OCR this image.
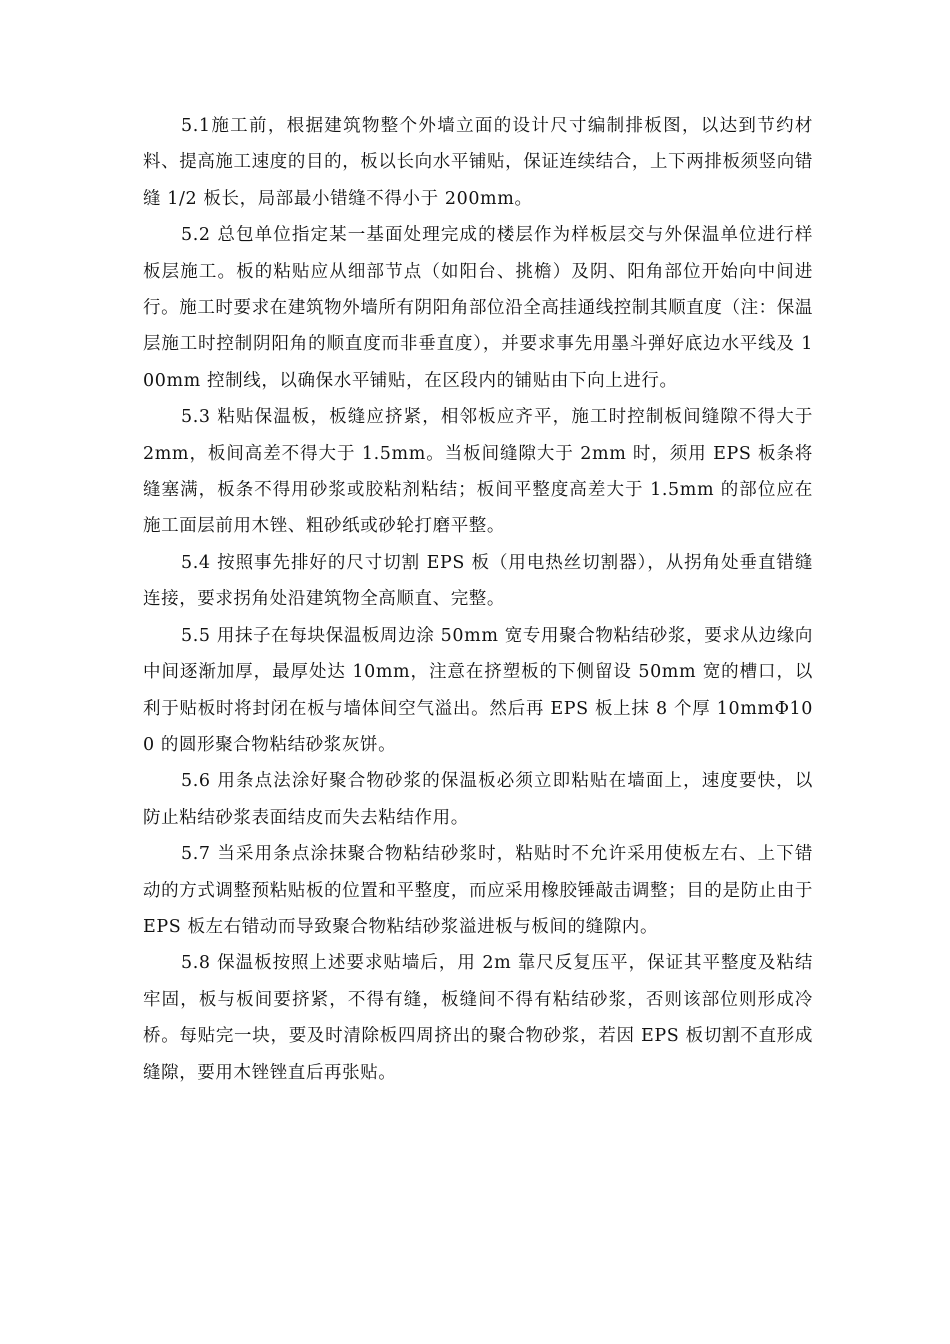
5.1施工前，根据建筑物整个外墙立面的设计尺寸编制排板图，以达到节约材料、提高施工速度的目的，板以长向水平铺贴，保证连续结合，上下两排板须竖向错缝 1/2 板长，局部最小错缝不得小于 200mm。

5.2 总包单位指定某一基面处理完成的楼层作为样板层交与外保温单位进行样板层施工。板的粘贴应从细部节点（如阳台、挑檐）及阴、阳角部位开始向中间进行。施工时要求在建筑物外墙所有阴阳角部位沿全高挂通线控制其顺直度（注：保温层施工时控制阴阳角的顺直度而非垂直度），并要求事先用墨斗弹好底边水平线及 100mm 控制线，以确保水平铺贴，在区段内的铺贴由下向上进行。

5.3 粘贴保温板，板缝应挤紧，相邻板应齐平，施工时控制板间缝隙不得大于 2mm，板间高差不得大于 1.5mm。当板间缝隙大于 2mm 时，须用 EPS 板条将缝塞满，板条不得用砂浆或胶粘剂粘结；板间平整度高差大于 1.5mm 的部位应在施工面层前用木锉、粗砂纸或砂轮打磨平整。

5.4 按照事先排好的尺寸切割 EPS 板（用电热丝切割器），从拐角处垂直错缝连接，要求拐角处沿建筑物全高顺直、完整。

5.5 用抹子在每块保温板周边涂 50mm 宽专用聚合物粘结砂浆，要求从边缘向中间逐渐加厚，最厚处达 10mm，注意在挤塑板的下侧留设 50mm 宽的槽口，以利于贴板时将封闭在板与墙体间空气溢出。然后再 EPS 板上抹 8 个厚 10mmΦ100 的圆形聚合物粘结砂浆灰饼。

5.6 用条点法涂好聚合物砂浆的保温板必须立即粘贴在墙面上，速度要快，以防止粘结砂浆表面结皮而失去粘结作用。

5.7 当采用条点涂抹聚合物粘结砂浆时，粘贴时不允许采用使板左右、上下错动的方式调整预粘贴板的位置和平整度，而应采用橡胶锤敲击调整；目的是防止由于 EPS 板左右错动而导致聚合物粘结砂浆溢进板与板间的缝隙内。

5.8 保温板按照上述要求贴墙后，用 2m 靠尺反复压平，保证其平整度及粘结牢固，板与板间要挤紧，不得有缝，板缝间不得有粘结砂浆，否则该部位则形成冷桥。每贴完一块，要及时清除板四周挤出的聚合物砂浆，若因 EPS 板切割不直形成缝隙，要用木锉锉直后再张贴。
